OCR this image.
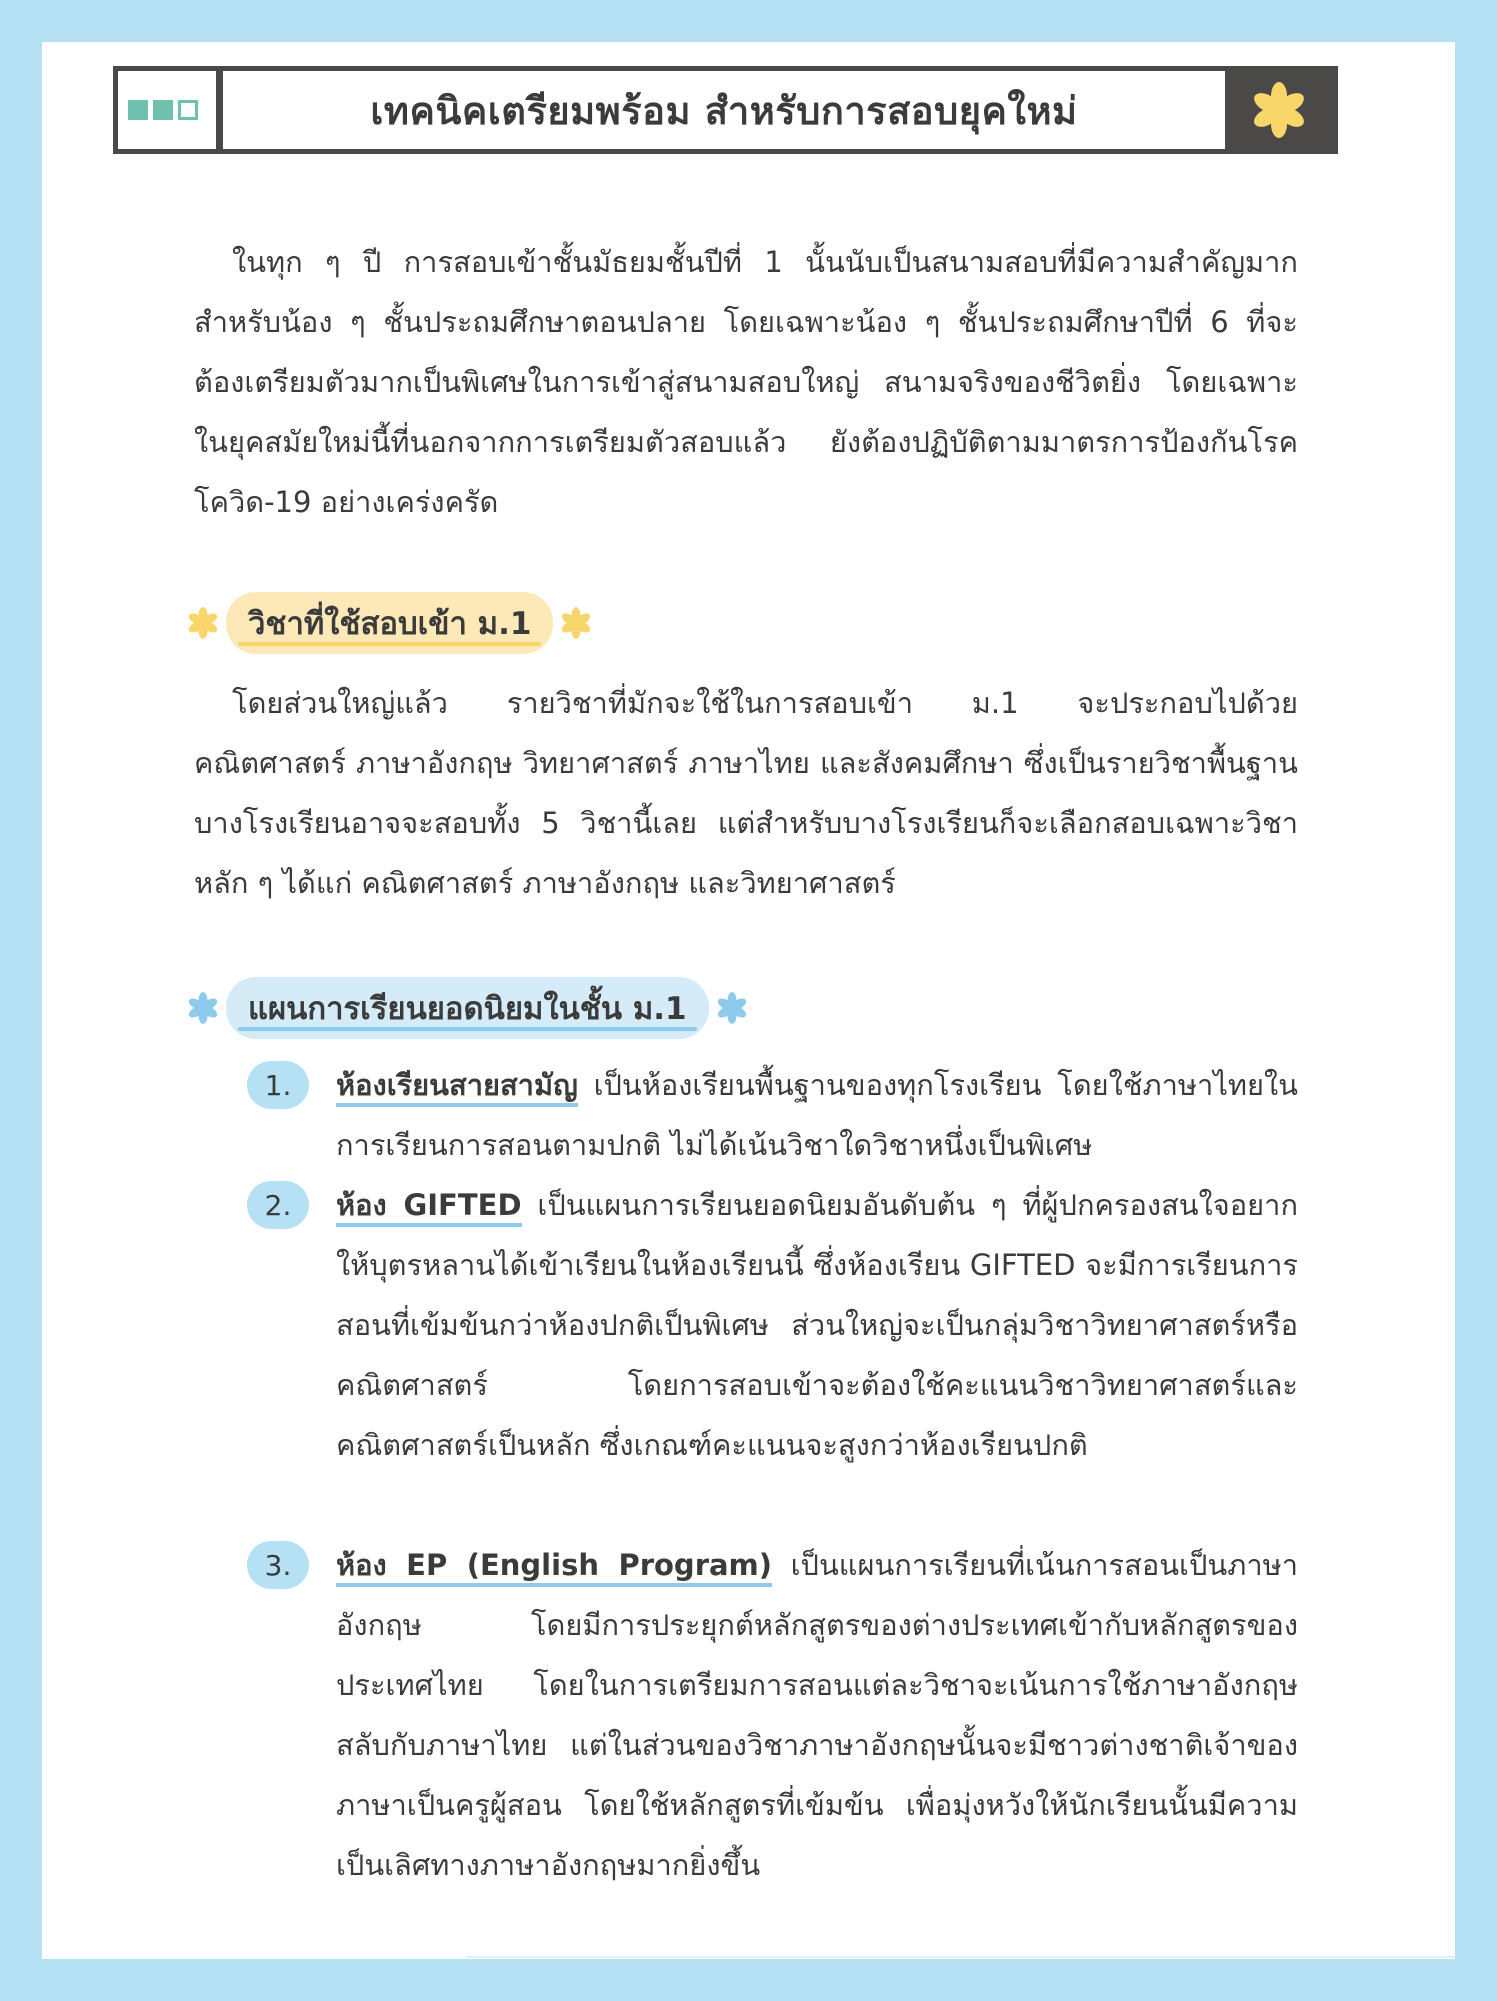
เทคนิคเตรียมพร้อม สำหรับการสอบยุคใหม่

ในทุก ๆ ปี การสอบเข้าชั้นมัธยมชั้นปีที่ 1 นั้นนับเป็นสนามสอบที่มีความสำคัญมากสำหรับน้อง ๆ ชั้นประถมศึกษาตอนปลาย โดยเฉพาะน้อง ๆ ชั้นประถมศึกษาปีที่ 6 ที่จะต้องเตรียมตัวมากเป็นพิเศษในการเข้าสู่สนามสอบใหญ่ สนามจริงของชีวิตยิ่ง โดยเฉพาะในยุคสมัยใหม่นี้ที่นอกจากการเตรียมตัวสอบแล้ว ยังต้องปฏิบัติตามมาตรการป้องกันโรคโควิด-19 อย่างเคร่งครัด

วิชาที่ใช้สอบเข้า ม.1

โดยส่วนใหญ่แล้ว รายวิชาที่มักจะใช้ในการสอบเข้า ม.1 จะประกอบไปด้วย คณิตศาสตร์ ภาษาอังกฤษ วิทยาศาสตร์ ภาษาไทย และสังคมศึกษา ซึ่งเป็นรายวิชาพื้นฐาน บางโรงเรียนอาจจะสอบทั้ง 5 วิชานี้เลย แต่สำหรับบางโรงเรียนก็จะเลือกสอบเฉพาะวิชาหลัก ๆ ได้แก่ คณิตศาสตร์ ภาษาอังกฤษ และวิทยาศาสตร์

แผนการเรียนยอดนิยมในชั้น ม.1
1.	ห้องเรียนสายสามัญ เป็นห้องเรียนพื้นฐานของทุกโรงเรียน โดยใช้ภาษาไทยในการเรียนการสอนตามปกติ ไม่ได้เน้นวิชาใดวิชาหนึ่งเป็นพิเศษ

2.	ห้อง GIFTED เป็นแผนการเรียนยอดนิยมอันดับต้น ๆ ที่ผู้ปกครองสนใจอยากให้บุตรหลานได้เข้าเรียนในห้องเรียนนี้ ซึ่งห้องเรียน GIFTED จะมีการเรียนการสอนที่เข้มข้นกว่าห้องปกติเป็นพิเศษ ส่วนใหญ่จะเป็นกลุ่มวิชาวิทยาศาสตร์หรือคณิตศาสตร์ โดยการสอบเข้าจะต้องใช้คะแนนวิชาวิทยาศาสตร์และคณิตศาสตร์เป็นหลัก ซึ่งเกณฑ์คะแนนจะสูงกว่าห้องเรียนปกติ

3.	ห้อง EP (English Program) เป็นแผนการเรียนที่เน้นการสอนเป็นภาษาอังกฤษ โดยมีการประยุกต์หลักสูตรของต่างประเทศเข้ากับหลักสูตรของประเทศไทย โดยในการเตรียมการสอนแต่ละวิชาจะเน้นการใช้ภาษาอังกฤษสลับกับภาษาไทย แต่ในส่วนของวิชาภาษาอังกฤษนั้นจะมีชาวต่างชาติเจ้าของภาษาเป็นครูผู้สอน โดยใช้หลักสูตรที่เข้มข้น เพื่อมุ่งหวังให้นักเรียนนั้นมีความเป็นเลิศทางภาษาอังกฤษมากยิ่งขึ้น
